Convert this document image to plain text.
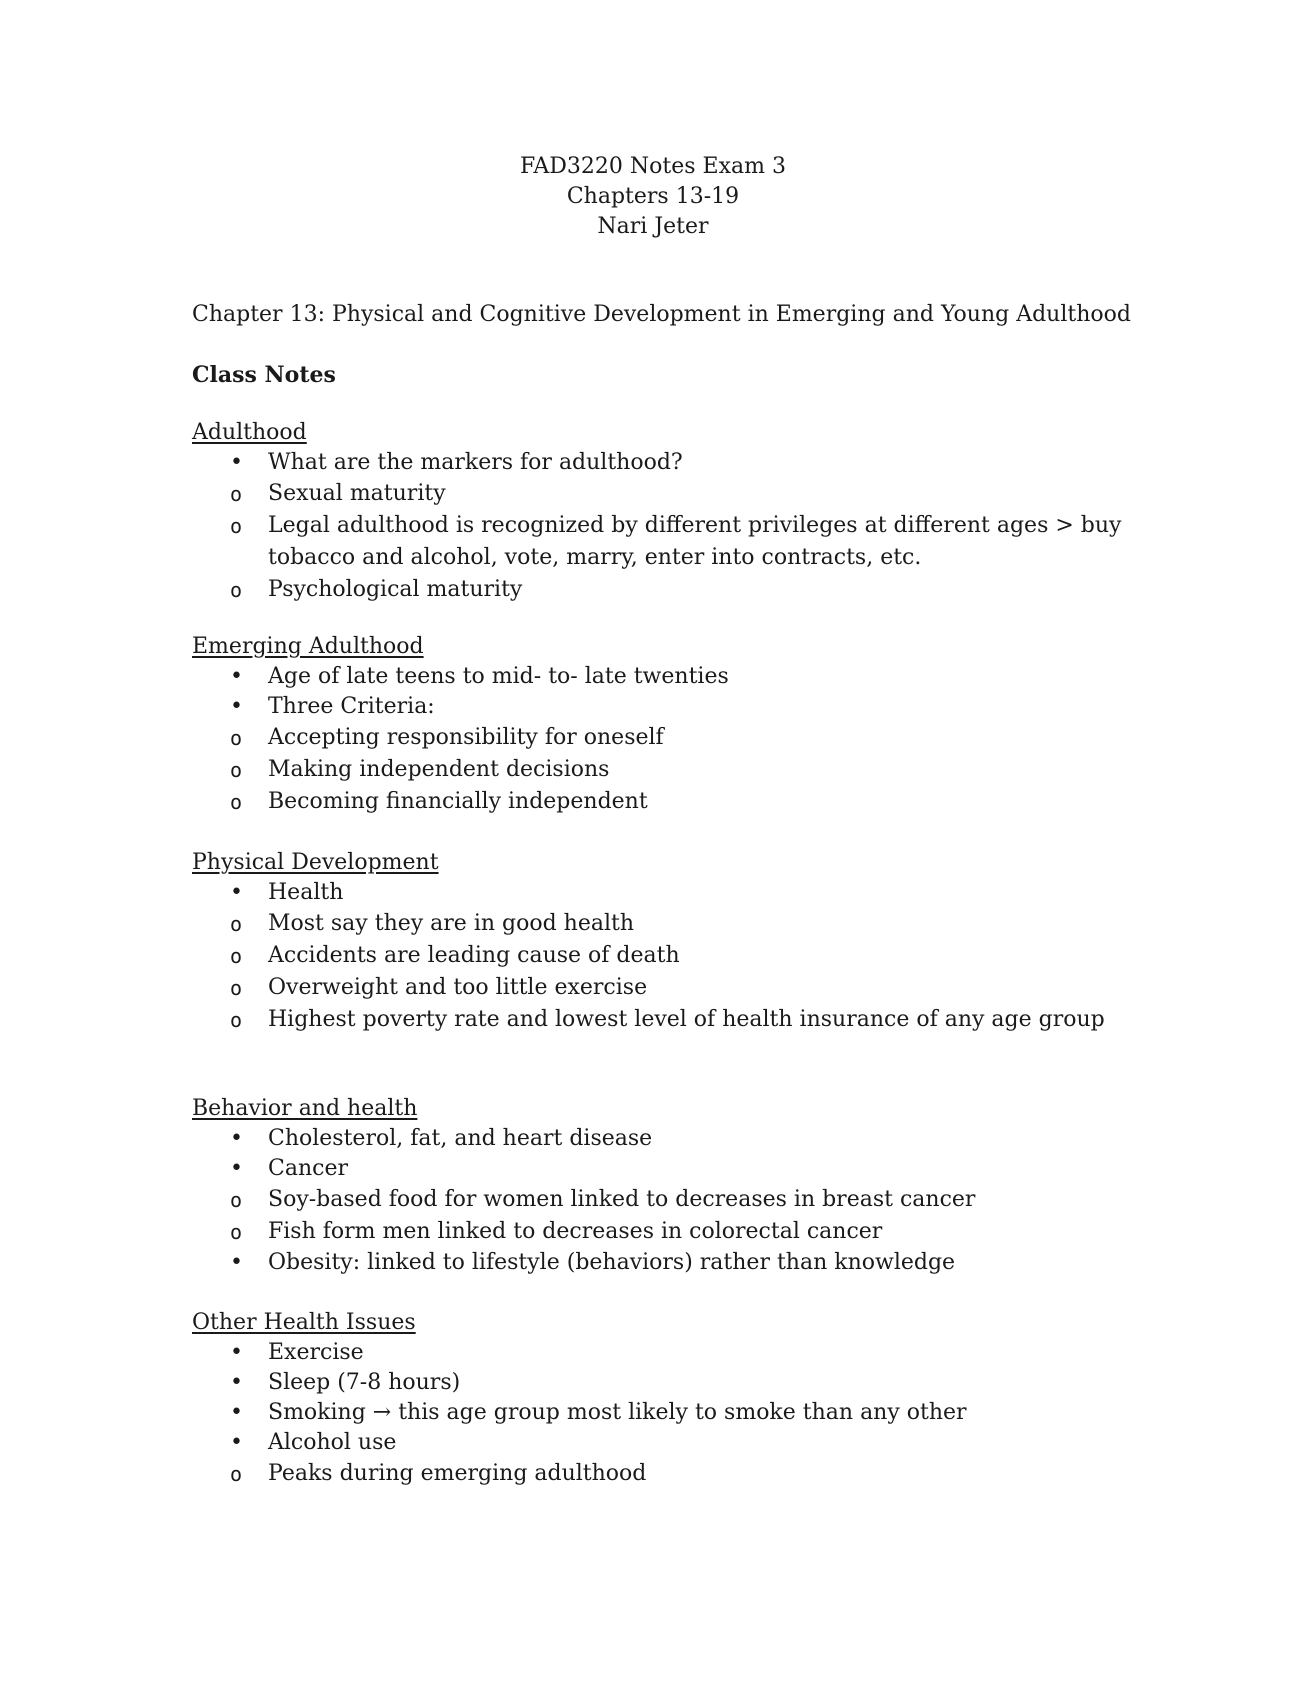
FAD3220 Notes Exam 3
Chapters 13-19
Nari Jeter
Chapter 13: Physical and Cognitive Development in Emerging and Young Adulthood
Class Notes
Adulthood
• What are the markers for adulthood?
o Sexual maturity
o Legal adulthood is recognized by different privileges at different ages > buy tobacco and alcohol, vote, marry, enter into contracts, etc.
o Psychological maturity
Emerging Adulthood
• Age of late teens to mid- to- late twenties
• Three Criteria:
o Accepting responsibility for oneself
o Making independent decisions
o Becoming financially independent
Physical Development
• Health
o Most say they are in good health
o Accidents are leading cause of death
o Overweight and too little exercise
o Highest poverty rate and lowest level of health insurance of any age group
Behavior and health
• Cholesterol, fat, and heart disease
• Cancer
o Soy-based food for women linked to decreases in breast cancer
o Fish form men linked to decreases in colorectal cancer
• Obesity: linked to lifestyle (behaviors) rather than knowledge
Other Health Issues
• Exercise
• Sleep (7-8 hours)
• Smoking → this age group most likely to smoke than any other
• Alcohol use
o Peaks during emerging adulthood
